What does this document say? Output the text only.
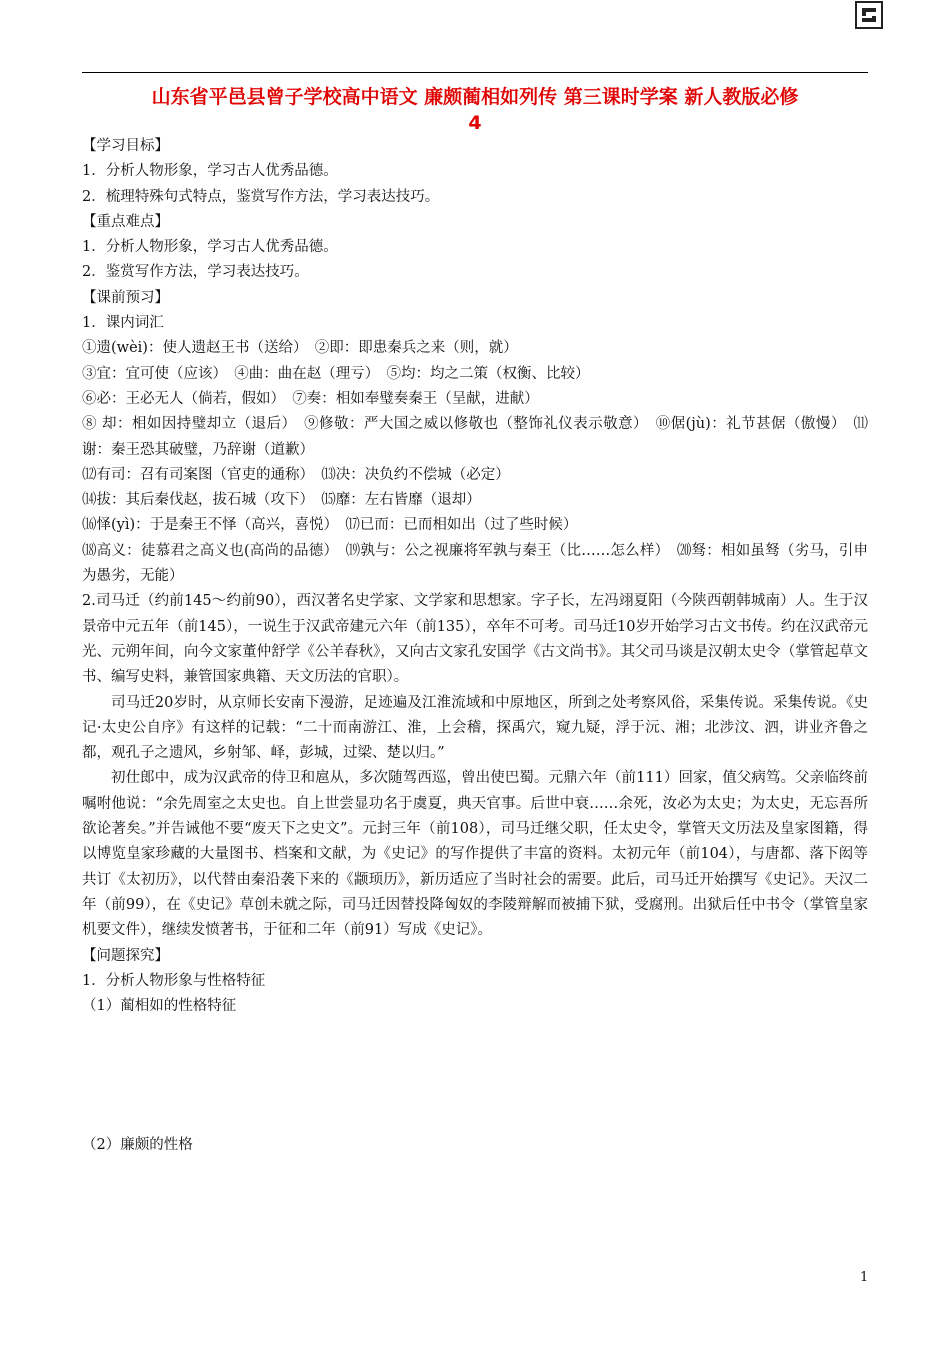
山东省平邑县曾子学校高中语文 廉颇蔺相如列传 第三课时学案 新人教版必修
4
【学习目标】
1．分析人物形象，学习古人优秀品德。
2．梳理特殊句式特点，鉴赏写作方法，学习表达技巧。
【重点难点】
1．分析人物形象，学习古人优秀品德。
2．鉴赏写作方法，学习表达技巧。
【课前预习】
1．课内词汇
①遗(wèi)：使人遗赵王书（送给）　②即：即患秦兵之来（则，就）
③宜：宜可使（应该）　④曲：曲在赵（理亏）　⑤均：均之二策（权衡、比较）
⑥必：王必无人（倘若，假如）　⑦奏：相如奉璧奏秦王（呈献，进献）
⑧ 却：相如因持璧却立（退后）　⑨修敬：严大国之威以修敬也（整饰礼仪表示敬意）　⑩倨(jù)：礼节甚倨（傲慢）　⑾谢：秦王恐其破璧，乃辞谢（道歉）
⑿有司：召有司案图（官吏的通称）　⒀决：决负约不偿城（必定）
⒁拔：其后秦伐赵，拔石城（攻下）　⒂靡：左右皆靡（退却）
⒃怿(yì)：于是秦王不怿（高兴，喜悦）　⒄已而：已而相如出（过了些时候）
⒅高义：徒慕君之高义也(高尚的品德）　⒆孰与：公之视廉将军孰与秦王（比……怎么样）　⒇驽：相如虽驽（劣马，引申为愚劣，无能）
2.司马迁（约前145～约前90），西汉著名史学家、文学家和思想家。字子长，左冯翊夏阳（今陕西朝韩城南）人。生于汉景帝中元五年（前145），一说生于汉武帝建元六年（前135），卒年不可考。司马迁10岁开始学习古文书传。约在汉武帝元光、元朔年间，向今文家董仲舒学《公羊春秋》，又向古文家孔安国学《古文尚书》。其父司马谈是汉朝太史令（掌管起草文书、编写史料，兼管国家典籍、天文历法的官职）。
司马迁20岁时，从京师长安南下漫游，足迹遍及江淮流域和中原地区，所到之处考察风俗，采集传说。采集传说。《史记·太史公自序》有这样的记载：“二十而南游江、淮，上会稽，探禹穴，窥九疑，浮于沅、湘；北涉汶、泗，讲业齐鲁之都，观孔子之遗风，乡射邹、峄，彭城，过梁、楚以归。”
初仕郎中，成为汉武帝的侍卫和扈从，多次随驾西巡，曾出使巴蜀。元鼎六年（前111）回家，值父病笃。父亲临终前嘱咐他说：“余先周室之太史也。自上世尝显功名于虞夏，典天官事。后世中衰……余死，汝必为太史；为太史，无忘吾所欲论著矣。”并告诫他不要“废天下之史文”。元封三年（前108），司马迁继父职，任太史令，掌管天文历法及皇家图籍，得以博览皇家珍藏的大量图书、档案和文献，为《史记》的写作提供了丰富的资料。太初元年（前104），与唐都、落下闳等共订《太初历》，以代替由秦沿袭下来的《颛顼历》，新历适应了当时社会的需要。此后，司马迁开始撰写《史记》。天汉二年（前99），在《史记》草创未就之际，司马迁因替投降匈奴的李陵辩解而被捕下狱，受腐刑。出狱后任中书令（掌管皇家机要文件），继续发愤著书，于征和二年（前91）写成《史记》。
【问题探究】
1．分析人物形象与性格特征
（1）蔺相如的性格特征
（2）廉颇的性格
1
